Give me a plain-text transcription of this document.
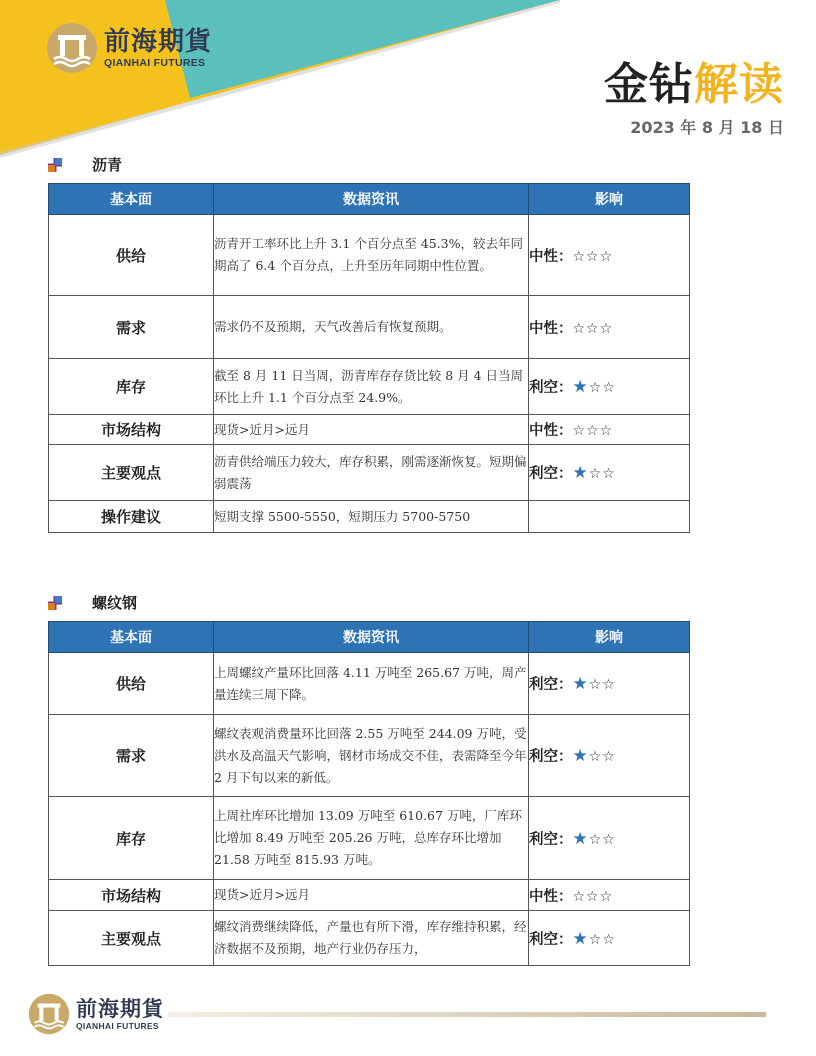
前海期貨
QIANHAI FUTURES	金钻解读
2023 年 8 月 18 日
沥青
基本面	数据资讯	影响
供给	沥青开工率环比上升 3.1 个百分点至 45.3%，较去年同期高了 6.4 个百分点，上升至历年同期中性位置。	中性：☆☆☆
需求	需求仍不及预期，天气改善后有恢复预期。	中性：☆☆☆
库存	截至 8 月 11 日当周，沥青库存存货比较 8 月 4 日当周环比上升 1.1 个百分点至 24.9%。	利空：★☆☆
市场结构	现货>近月>远月	中性：☆☆☆
主要观点	沥青供给端压力较大，库存积累，刚需逐渐恢复。短期偏弱震荡	利空：★☆☆
操作建议	短期支撑 5500-5550，短期压力 5700-5750	
螺纹钢
基本面	数据资讯	影响
供给	上周螺纹产量环比回落 4.11 万吨至 265.67 万吨，周产量连续三周下降。	利空：★☆☆
需求	螺纹表观消费量环比回落 2.55 万吨至 244.09 万吨，受洪水及高温天气影响，钢材市场成交不佳，表需降至今年 2 月下旬以来的新低。	利空：★☆☆
库存	上周社库环比增加 13.09 万吨至 610.67 万吨，厂库环比增加 8.49 万吨至 205.26 万吨，总库存环比增加 21.58 万吨至 815.93 万吨。	利空：★☆☆
市场结构	现货>近月>远月	中性：☆☆☆
主要观点	螺纹消费继续降低，产量也有所下滑，库存维持积累，经济数据不及预期，地产行业仍存压力，	利空：★☆☆
前海期貨
QIANHAI FUTURES
